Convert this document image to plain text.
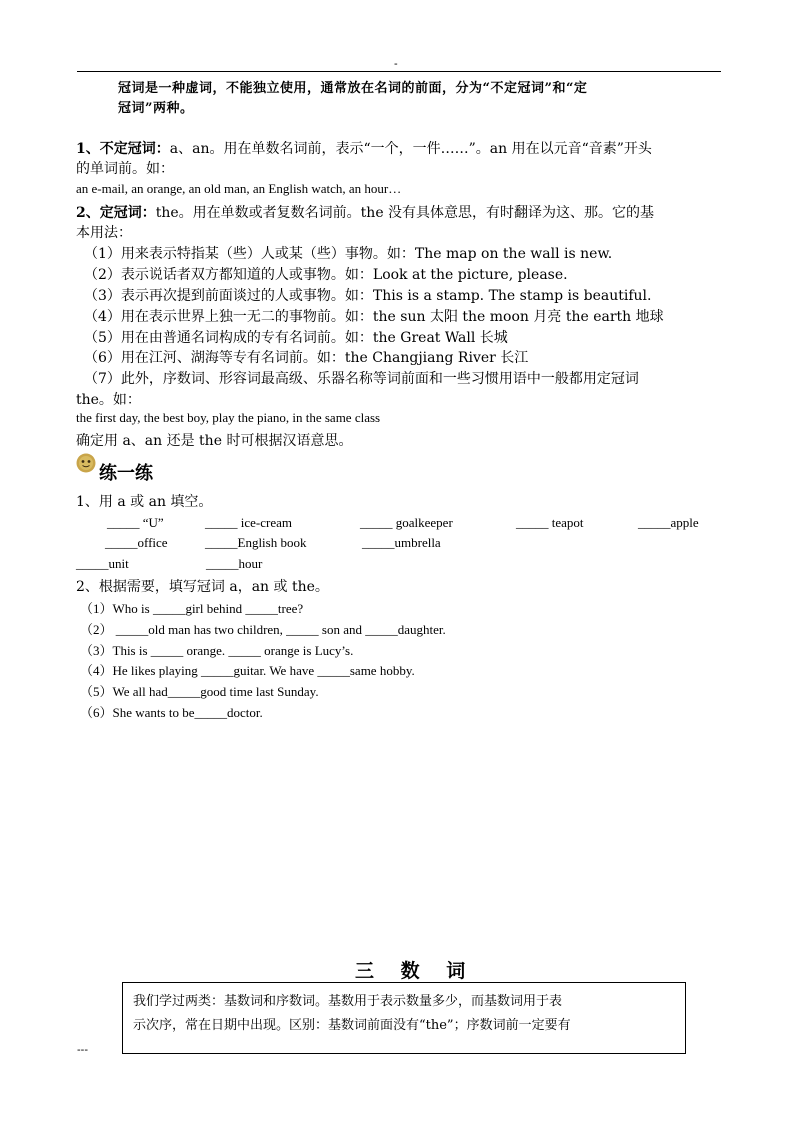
-
冠词是一种虚词，不能独立使用，通常放在名词的前面，分为“不定冠词”和“定
冠词”两种。
1、不定冠词：a、an。用在单数名词前，表示“一个，一件……”。an 用在以元音“音素”开头
的单词前。如：
an e-mail, an orange, an old man, an English watch, an hour…
2、定冠词：the。用在单数或者复数名词前。the 没有具体意思，有时翻译为这、那。它的基
本用法：
（1）用来表示特指某（些）人或某（些）事物。如：The map on the wall is new.
（2）表示说话者双方都知道的人或事物。如：Look at the picture, please.
（3）表示再次提到前面谈过的人或事物。如：This is a stamp. The stamp is beautiful.
（4）用在表示世界上独一无二的事物前。如：the sun 太阳 the moon 月亮 the earth 地球
（5）用在由普通名词构成的专有名词前。如：the Great Wall 长城
（6）用在江河、湖海等专有名词前。如：the Changjiang River 长江
（7）此外，序数词、形容词最高级、乐器名称等词前面和一些习惯用语中一般都用定冠词
the。如：
the first day, the best boy, play the piano, in the same class
确定用 a、an 还是 the 时可根据汉语意思。
练一练
1、用 a 或 an 填空。
_____ “U”	_____ ice-cream	_____ goalkeeper	_____ teapot	_____apple
_____office	_____English book	_____umbrella
_____unit	_____hour
2、根据需要，填写冠词 a，an 或 the。
（1）Who is _____girl behind _____tree?
（2） _____old man has two children, _____ son and _____daughter.
（3）This is _____ orange. _____ orange is Lucy’s.
（4）He likes playing _____guitar. We have _____same hobby.
（5）We all had_____good time last Sunday.
（6）She wants to be_____doctor.
三 数 词
我们学过两类：基数词和序数词。基数用于表示数量多少，而基数词用于表
示次序，常在日期中出现。区别：基数词前面没有“the”；序数词前一定要有
---
